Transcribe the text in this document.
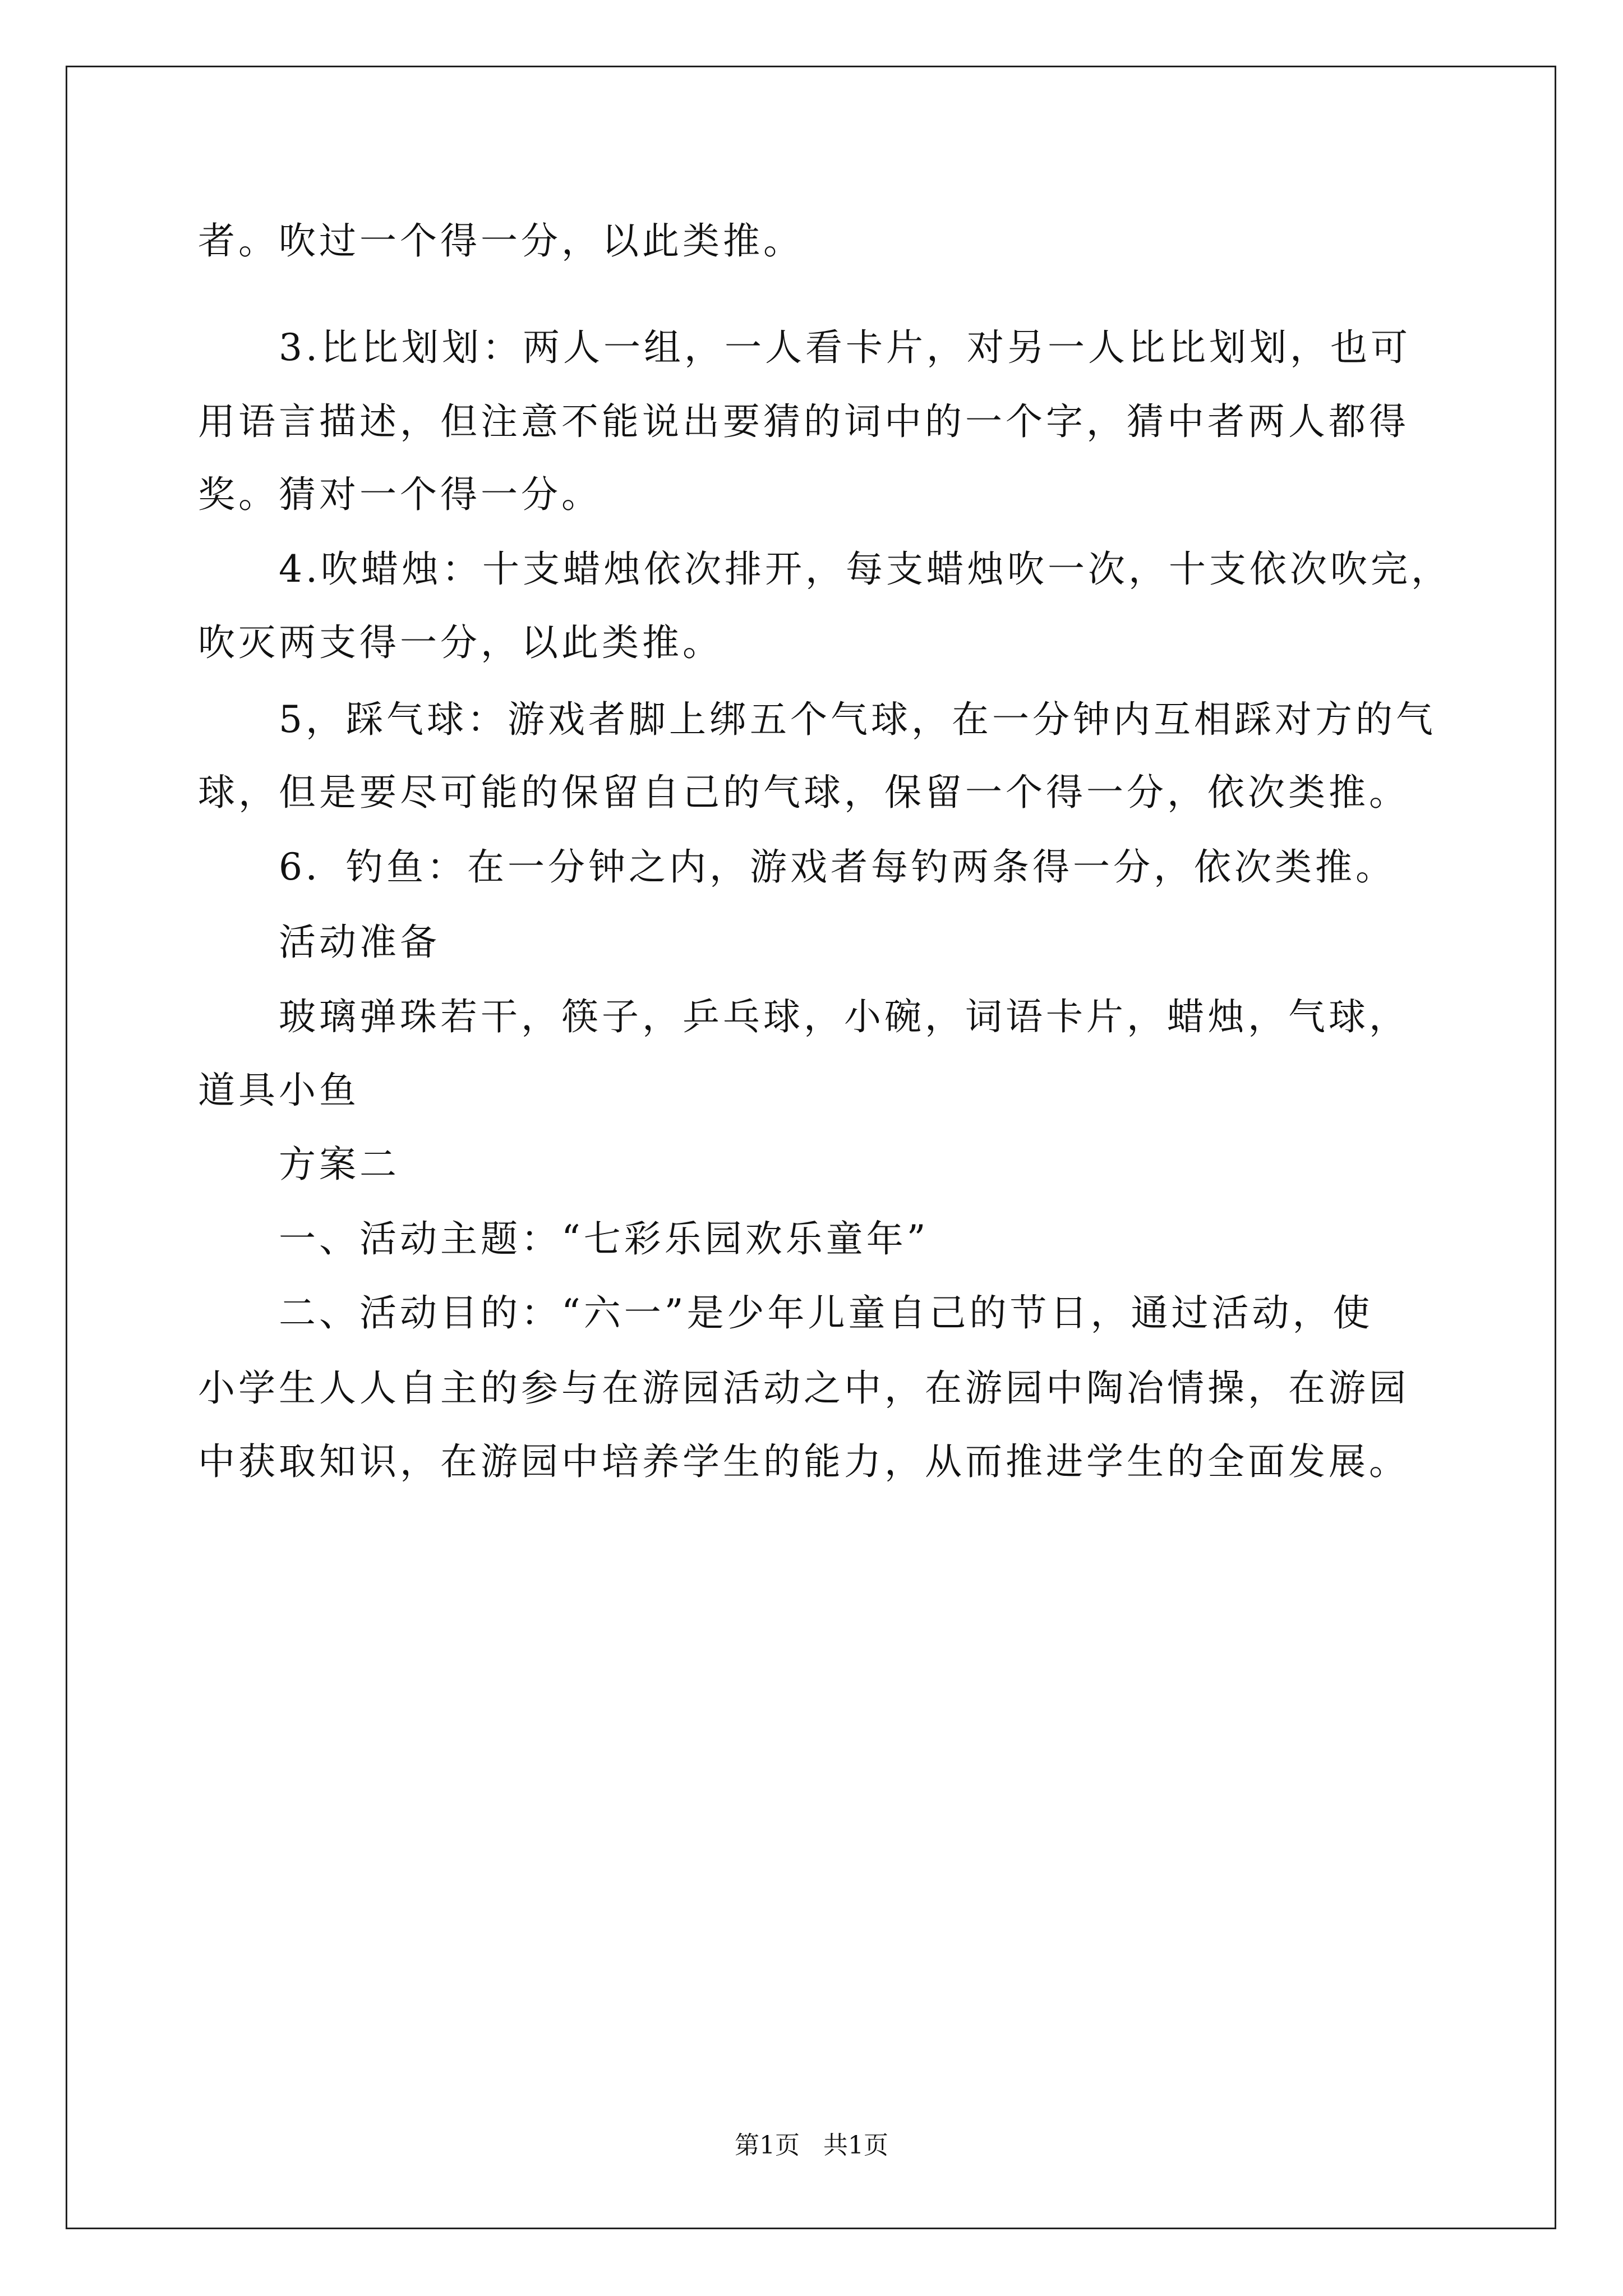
者。吹过一个得一分，以此类推。

3.比比划划：两人一组，一人看卡片，对另一人比比划划，也可

用语言描述，但注意不能说出要猜的词中的一个字，猜中者两人都得

奖。猜对一个得一分。

4.吹蜡烛：十支蜡烛依次排开，每支蜡烛吹一次，十支依次吹完，

吹灭两支得一分，以此类推。

5，踩气球：游戏者脚上绑五个气球，在一分钟内互相踩对方的气

球，但是要尽可能的保留自己的气球，保留一个得一分，依次类推。

6．钓鱼：在一分钟之内，游戏者每钓两条得一分，依次类推。

活动准备

玻璃弹珠若干，筷子，乒乓球，小碗，词语卡片，蜡烛，气球，

道具小鱼

方案二

一、活动主题：“七彩乐园欢乐童年”

二、活动目的：“六一”是少年儿童自己的节日，通过活动，使

小学生人人自主的参与在游园活动之中，在游园中陶冶情操，在游园

中获取知识，在游园中培养学生的能力，从而推进学生的全面发展。

第1页 共1页
